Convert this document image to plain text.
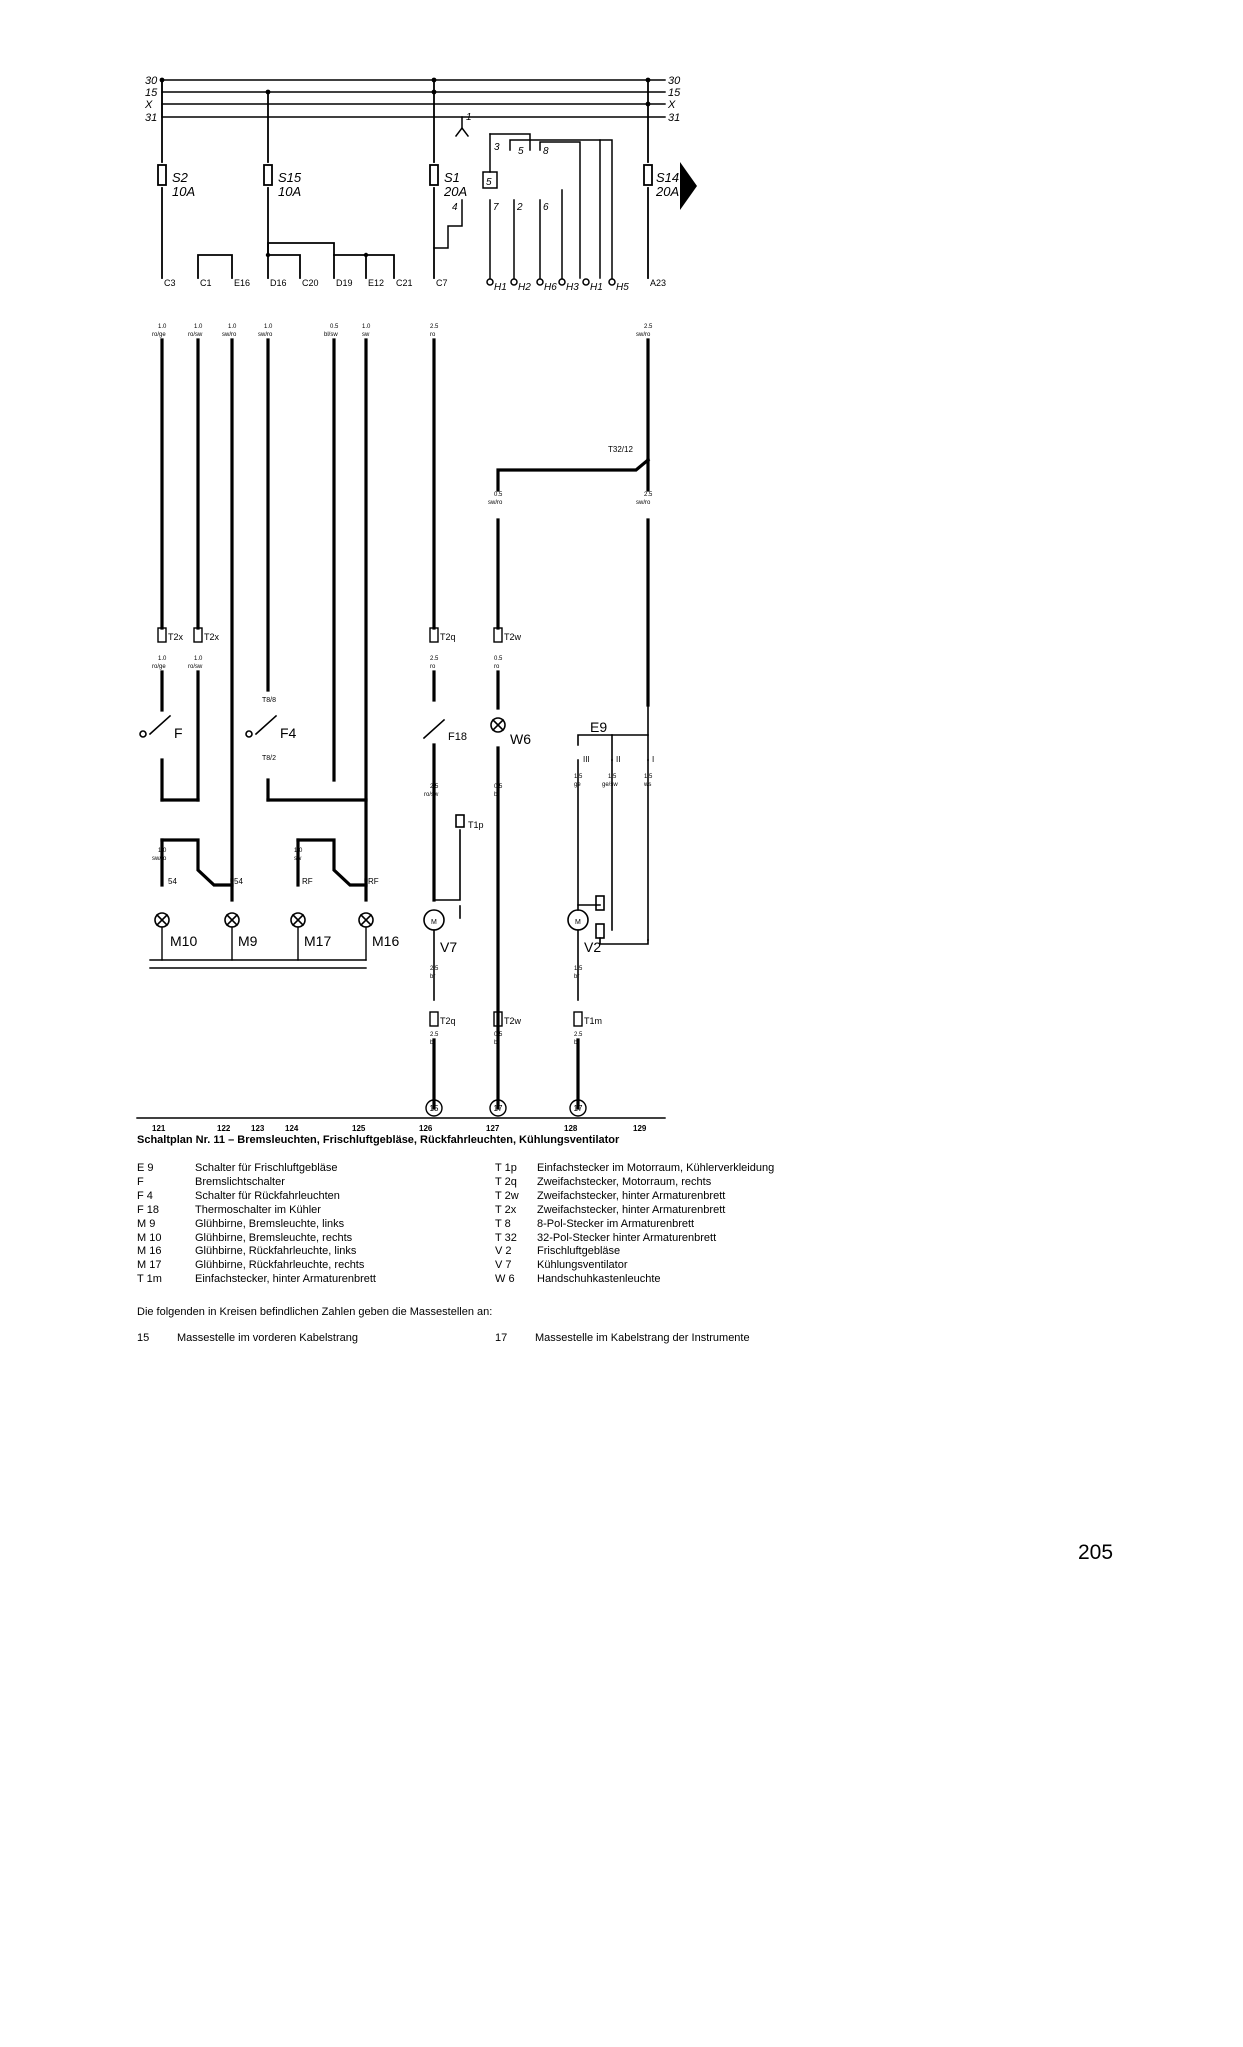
30
15
X
31
30
15
X
31
S2
10A
S15
10A
S1
20A
S14
20A
C3	C1 E16 D16 C20 D19 E12 C21	C7	A23
1
3 5 8
4	7 2 6
5
H1 H2 H6 H3 H1 H5
1.0
ro/ge
1.0
ro/sw
1.0
sw/ro
1.0
sw/ro
0.5
bl/sw
1.0
sw
2.5
ro
2.5
sw/ro
0.5
sw/ro
2.5
sw/ro
1.0
ro/ge
1.0
ro/sw
2.5
ro
0.5
ro
1.0
sw/ro
1.0
sw
2.5
ro/sw
0.5
br
1.5
ge
1.5
ge/sw
1.5
ws
2.5
br
1.5
br
2.5
br
0.5
br
2.5
br
T32/12
T2x T2x	T2q	T2w
T8/8
T8/2
T1p
T2q	T2w	T1m
F	F4	F18	W6
E9
M10	M9	M17	M16	V7	V2
M	M
54	54	RF	RF
III	II	I
15	17	17
121	122	123	124	125	126	127	128	129
Schaltplan Nr. 11 – Bremsleuchten, Frischluftgebläse, Rückfahrleuchten, Kühlungsventilator
E 9	Schalter für Frischluftgebläse
F	Bremslichtschalter
F 4	Schalter für Rückfahrleuchten
F 18	Thermoschalter im Kühler
M 9	Glühbirne, Bremsleuchte, links
M 10	Glühbirne, Bremsleuchte, rechts
M 16	Glühbirne, Rückfahrleuchte, links
M 17	Glühbirne, Rückfahrleuchte, rechts
T 1m	Einfachstecker, hinter Armaturenbrett
T 1p	Einfachstecker im Motorraum, Kühlerverkleidung
T 2q	Zweifachstecker, Motorraum, rechts
T 2w	Zweifachstecker, hinter Armaturenbrett
T 2x	Zweifachstecker, hinter Armaturenbrett
T 8	8-Pol-Stecker im Armaturenbrett
T 32	32-Pol-Stecker hinter Armaturenbrett
V 2	Frischluftgebläse
V 7	Kühlungsventilator
W 6	Handschuhkastenleuchte
Die folgenden in Kreisen befindlichen Zahlen geben die Massestellen an:
15	Massestelle im vorderen Kabelstrang	17	Massestelle im Kabelstrang der Instrumente
205
